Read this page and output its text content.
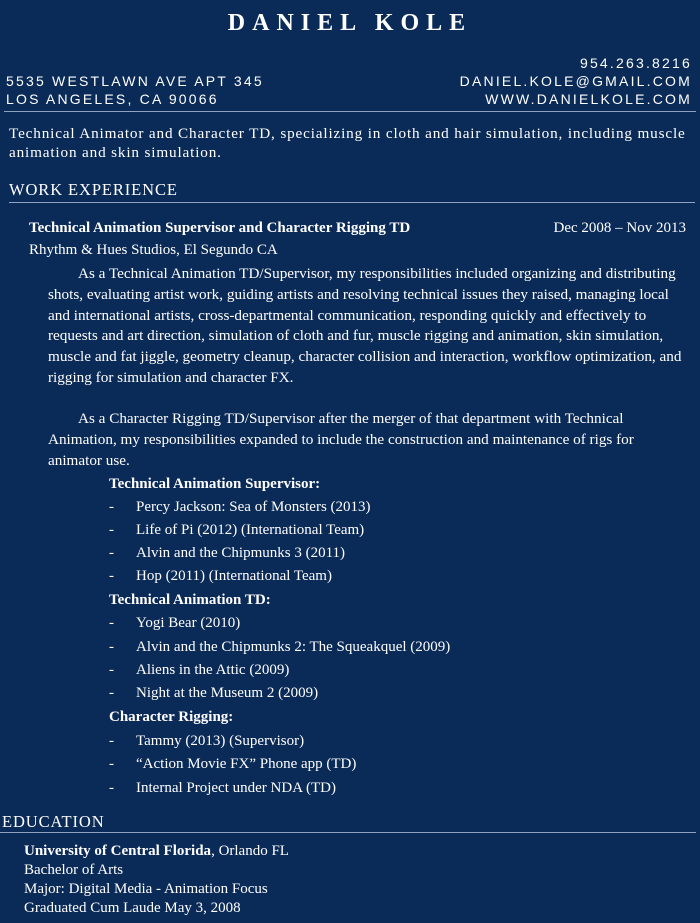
DANIEL KOLE
954.263.8216
5535 WESTLAWN AVE APT 345	DANIEL.KOLE@GMAIL.COM
LOS ANGELES, CA 90066	WWW.DANIELKOLE.COM
Technical Animator and Character TD, specializing in cloth and hair simulation, including muscle animation and skin simulation.
WORK EXPERIENCE
Technical Animation Supervisor and Character Rigging TD	Dec 2008 – Nov 2013
Rhythm & Hues Studios, El Segundo CA
As a Technical Animation TD/Supervisor, my responsibilities included organizing and distributing shots, evaluating artist work, guiding artists and resolving technical issues they raised, managing local and international artists, cross-departmental communication, responding quickly and effectively to requests and art direction, simulation of cloth and fur, muscle rigging and animation, skin simulation, muscle and fat jiggle, geometry cleanup, character collision and interaction, workflow optimization, and rigging for simulation and character FX.
As a Character Rigging TD/Supervisor after the merger of that department with Technical Animation, my responsibilities expanded to include the construction and maintenance of rigs for animator use.
Technical Animation Supervisor:
- Percy Jackson: Sea of Monsters (2013)
- Life of Pi (2012) (International Team)
- Alvin and the Chipmunks 3 (2011)
- Hop (2011) (International Team)
Technical Animation TD:
- Yogi Bear (2010)
- Alvin and the Chipmunks 2: The Squeakquel (2009)
- Aliens in the Attic (2009)
- Night at the Museum 2 (2009)
Character Rigging:
- Tammy (2013) (Supervisor)
- “Action Movie FX” Phone app (TD)
- Internal Project under NDA (TD)
EDUCATION
University of Central Florida, Orlando FL
Bachelor of Arts
Major: Digital Media - Animation Focus
Graduated Cum Laude May 3, 2008
